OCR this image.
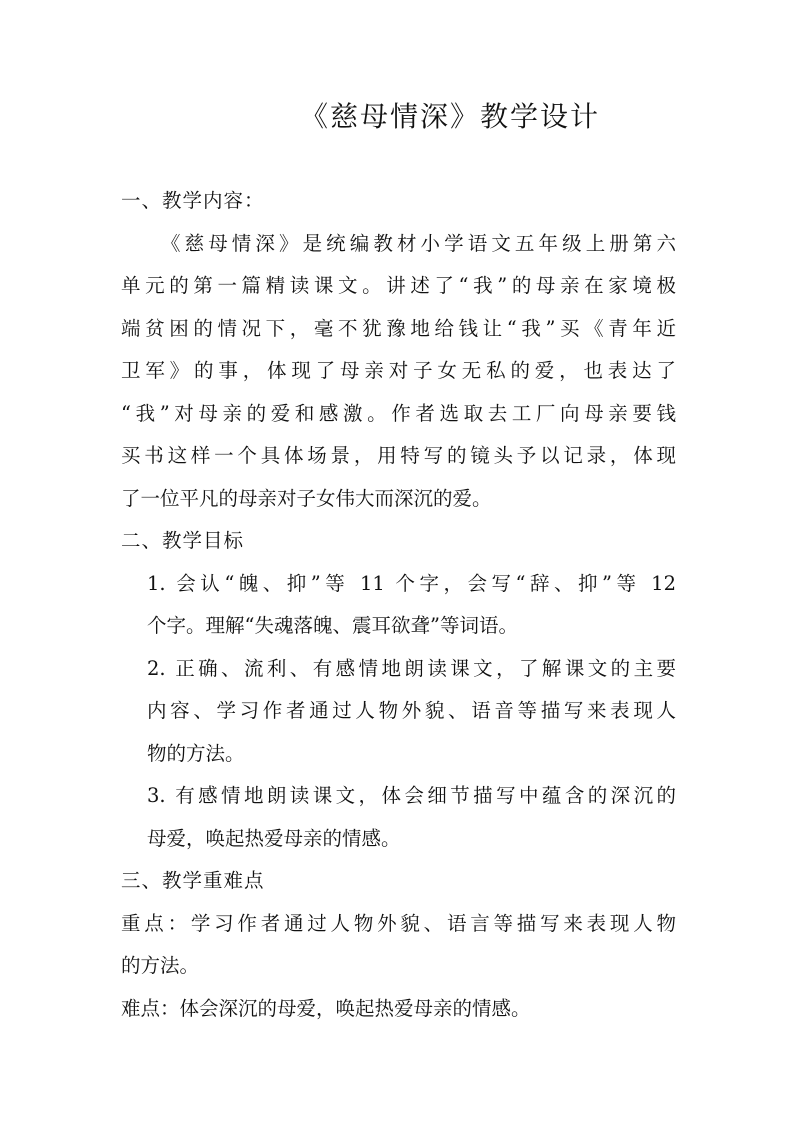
《慈母情深》教学设计
一、教学内容：
《慈母情深》是统编教材小学语文五年级上册第六
单元的第一篇精读课文。讲述了“我”的母亲在家境极
端贫困的情况下，毫不犹豫地给钱让“我”买《青年近
卫军》的事，体现了母亲对子女无私的爱，也表达了
“我”对母亲的爱和感激。作者选取去工厂向母亲要钱
买书这样一个具体场景，用特写的镜头予以记录，体现
了一位平凡的母亲对子女伟大而深沉的爱。
二、教学目标
1. 会认“魄、抑”等 11 个字，会写“辞、抑”等 12
个字。理解“失魂落魄、震耳欲聋”等词语。
2. 正确、流利、有感情地朗读课文，了解课文的主要
内容、学习作者通过人物外貌、语音等描写来表现人
物的方法。
3. 有感情地朗读课文，体会细节描写中蕴含的深沉的
母爱，唤起热爱母亲的情感。
三、教学重难点
重点：学习作者通过人物外貌、语言等描写来表现人物
的方法。
难点：体会深沉的母爱，唤起热爱母亲的情感。
